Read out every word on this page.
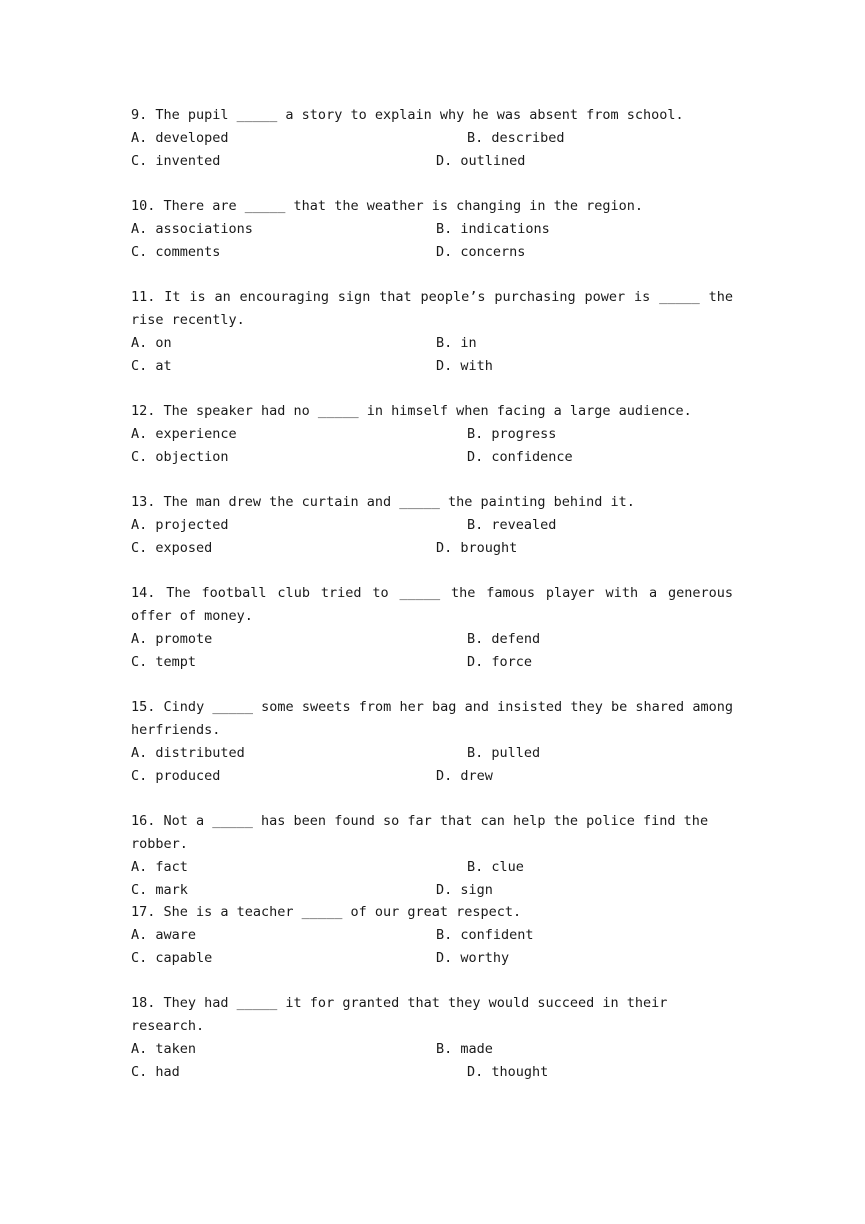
9. The pupil _____ a story to explain why he was absent from school.

A. developed	B. described
C. invented	D. outlined

10. There are _____ that the weather is changing in the region.

A. associations	B. indications
C. comments	D. concerns

11. It is an encouraging sign that people’s purchasing power is _____ the rise recently.

A. on	B. in
C. at	D. with

12. The speaker had no _____ in himself when facing a large audience.

A. experience	B. progress
C. objection	D. confidence

13. The man drew the curtain and _____ the painting behind it.

A. projected	B. revealed
C. exposed	D. brought

14. The football club tried to _____ the famous player with a generous offer of money.

A. promote	B. defend
C. tempt	D. force

15. Cindy _____ some sweets from her bag and insisted they be shared among herfriends.

A. distributed	B. pulled
C. produced	D. drew

16. Not a _____ has been found so far that can help the police find the robber.

A. fact	B. clue
C. mark	D. sign

17. She is a teacher _____ of our great respect.

A. aware	B. confident
C. capable	D. worthy

18. They had _____ it for granted that they would succeed in their research.

A. taken	B. made
C. had	D. thought
